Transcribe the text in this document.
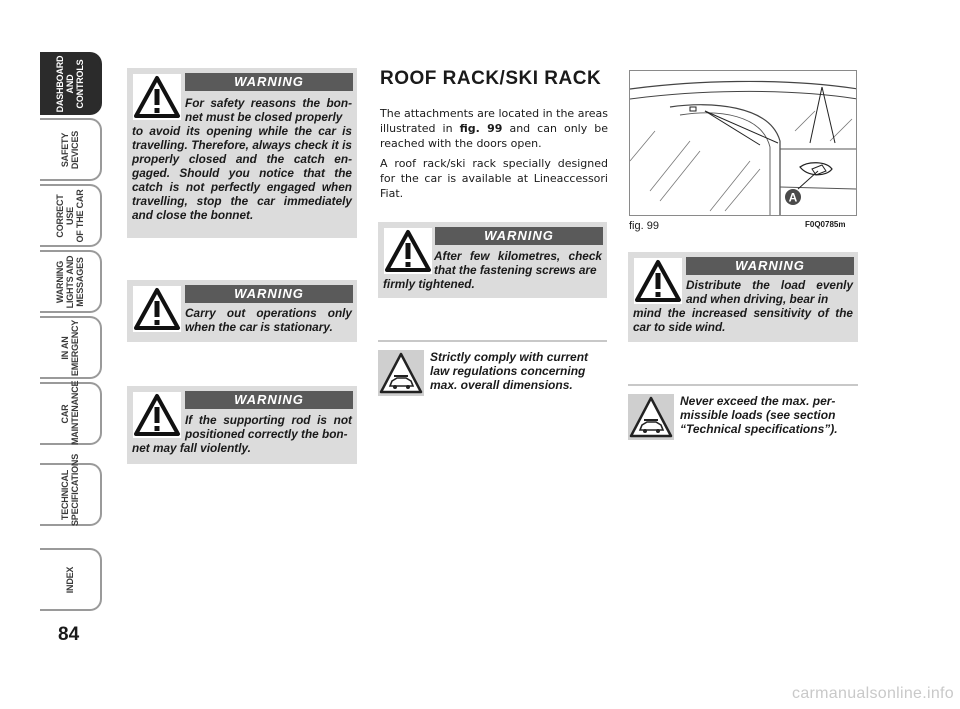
DASHBOARD
AND CONTROLS
SAFETY
DEVICES
CORRECT USE
OF THE CAR
WARNING
LIGHTS AND
MESSAGES
IN AN
EMERGENCY
CAR
MAINTENANCE
TECHNICAL
SPECIFICATIONS
INDEX
84
WARNING
For safety reasons the bon-net must be closed properly
to avoid its opening while the car is travelling. Therefore, always check it is properly closed and the catch en-gaged. Should you notice that the catch is not perfectly engaged when travelling, stop the car immediately and close the bonnet.
WARNING
Carry out operations only when the car is stationary.
WARNING
If the supporting rod is not positioned correctly the bon-
net may fall violently.
ROOF RACK/SKI RACK
The attachments are located in the areas illustrated in fig. 99 and can only be reached with the doors open.
A roof rack/ski rack specially designed for the car is available at Lineaccessori Fiat.
WARNING
After few kilometres, check that the fastening screws are
firmly tightened.
Strictly comply with current law regulations concerning max. overall dimensions.
A
fig. 99	F0Q0785m
WARNING
Distribute the load evenly and when driving, bear in
mind the increased sensitivity of the car to side wind.
Never exceed the max. per-missible loads (see section “Technical specifications”).
carmanualsonline.info
